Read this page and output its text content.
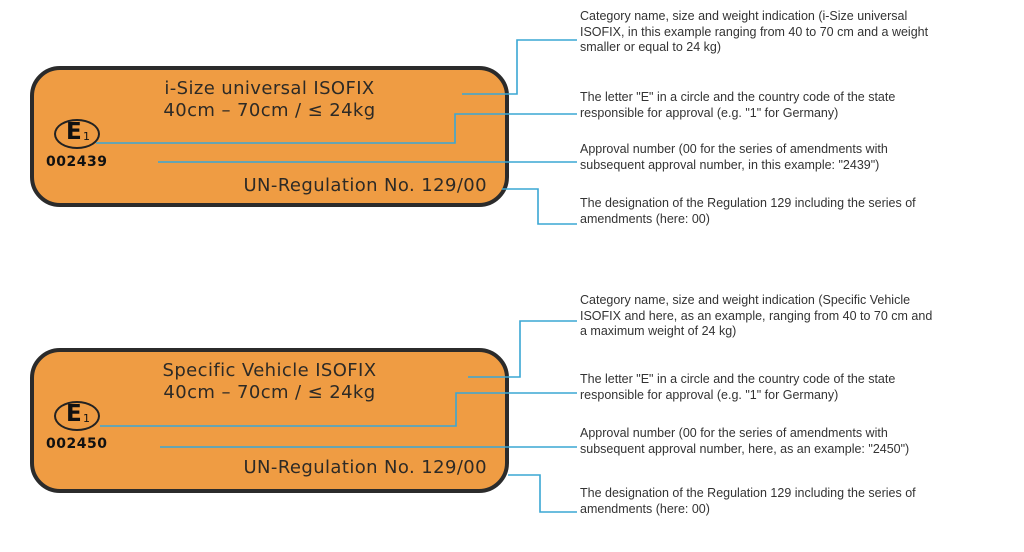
i-Size universal ISOFIX
40cm – 70cm / ≤ 24kg
E 1
002439
UN-Regulation No. 129/00

Category name, size and weight indication (i-Size universal ISOFIX, in this example ranging from 40 to 70 cm and a weight smaller or equal to 24 kg)

The letter "E" in a circle and the country code of the state responsible for approval (e.g. "1" for Germany)

Approval number (00 for the series of amendments with subsequent approval number, in this example: "2439")

The designation of the Regulation 129 including the series of amendments (here: 00)

Specific Vehicle ISOFIX
40cm – 70cm / ≤ 24kg
E 1
002450
UN-Regulation No. 129/00

Category name, size and weight indication (Specific Vehicle ISOFIX and here, as an example, ranging from 40 to 70 cm and a maximum weight of 24 kg)

The letter "E" in a circle and the country code of the state responsible for approval (e.g. "1" for Germany)

Approval number (00 for the series of amendments with subsequent approval number, here, as an example: "2450")

The designation of the Regulation 129 including the series of amendments (here: 00)
